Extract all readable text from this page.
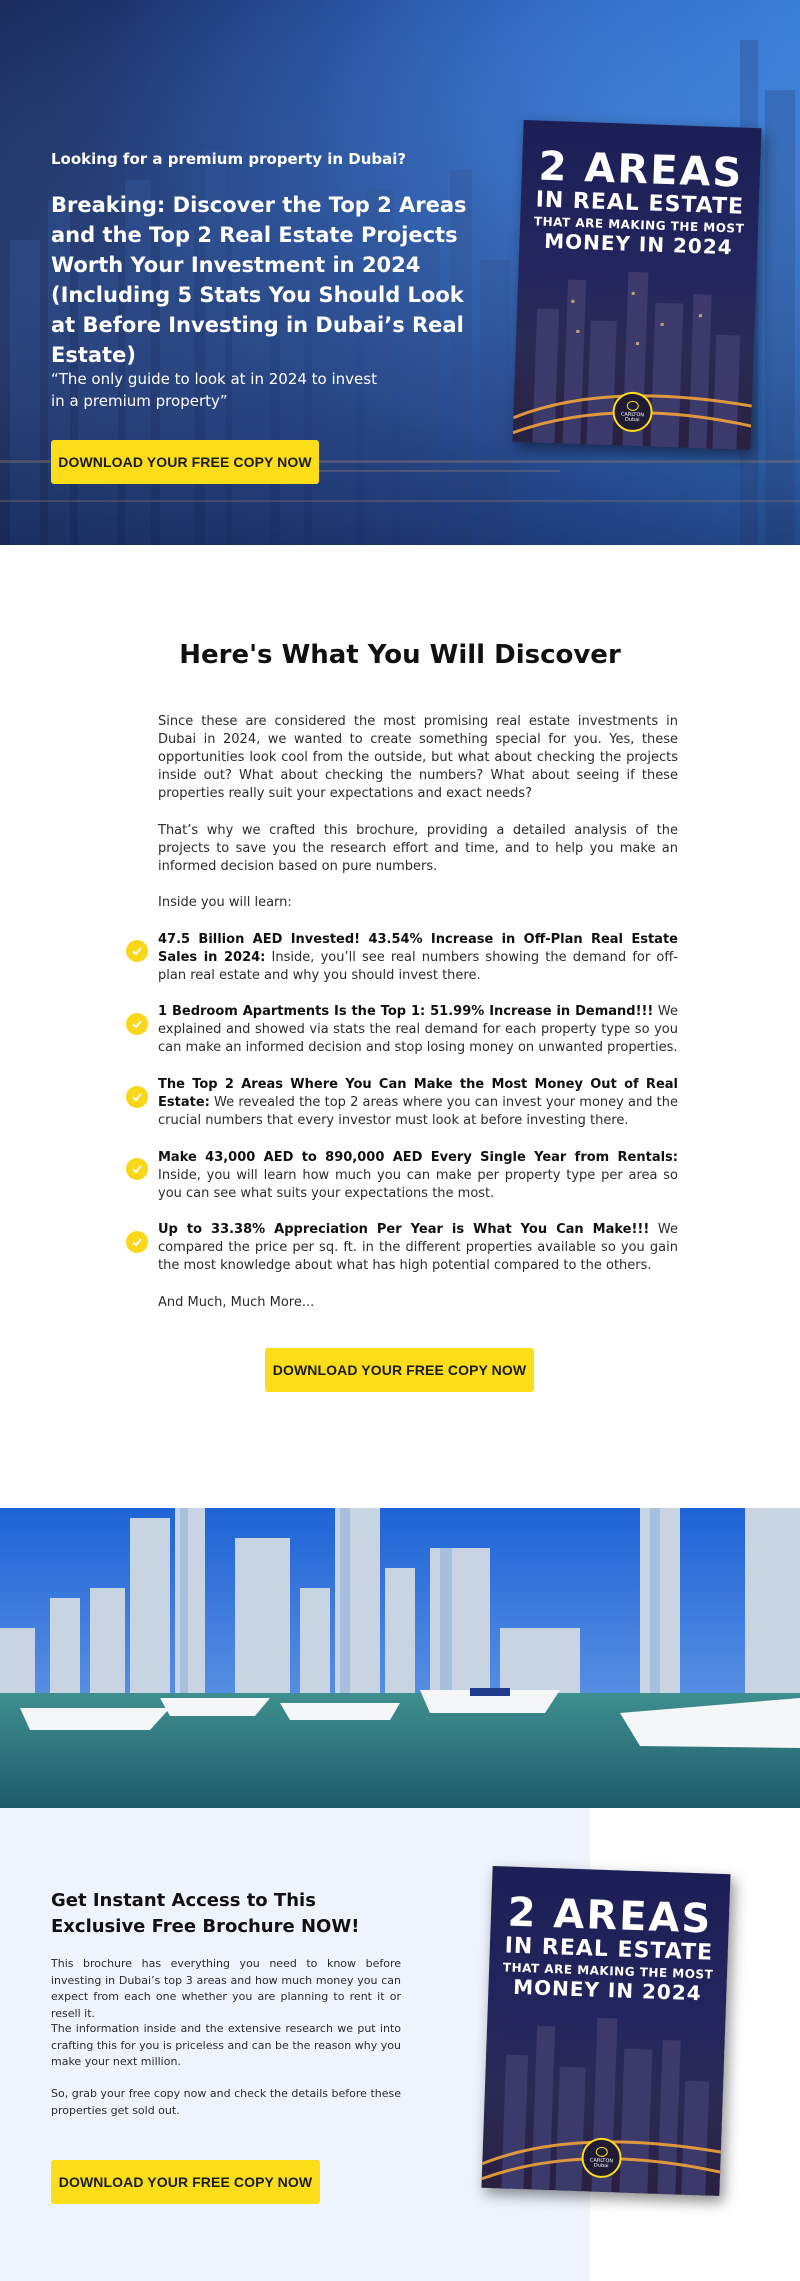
Looking for a premium property in Dubai?
Breaking: Discover the Top 2 Areas and the Top 2 Real Estate Projects Worth Your Investment in 2024 (Including 5 Stats You Should Look at Before Investing in Dubai’s Real Estate)
“The only guide to look at in 2024 to invest
in a premium property”
DOWNLOAD YOUR FREE COPY NOW
2 AREAS
IN REAL ESTATE
THAT ARE MAKING THE MOST
MONEY IN 2024
CARLTON
Dubai
Here's What You Will Discover

Since these are considered the most promising real estate investments in Dubai in 2024, we wanted to create something special for you. Yes, these opportunities look cool from the outside, but what about checking the projects inside out? What about checking the numbers? What about seeing if these properties really suit your expectations and exact needs?

That’s why we crafted this brochure, providing a detailed analysis of the projects to save you the research effort and time, and to help you make an informed decision based on pure numbers.

Inside you will learn:

47.5 Billion AED Invested! 43.54% Increase in Off-Plan Real Estate Sales in 2024: Inside, you’ll see real numbers showing the demand for off-plan real estate and why you should invest there.

1 Bedroom Apartments Is the Top 1: 51.99% Increase in Demand!!! We explained and showed via stats the real demand for each property type so you can make an informed decision and stop losing money on unwanted properties.

The Top 2 Areas Where You Can Make the Most Money Out of Real Estate: We revealed the top 2 areas where you can invest your money and the crucial numbers that every investor must look at before investing there.

Make 43,000 AED to 890,000 AED Every Single Year from Rentals: Inside, you will learn how much you can make per property type per area so you can see what suits your expectations the most.

Up to 33.38% Appreciation Per Year is What You Can Make!!! We compared the price per sq. ft. in the different properties available so you gain the most knowledge about what has high potential compared to the others.

And Much, Much More...

DOWNLOAD YOUR FREE COPY NOW
Get Instant Access to This Exclusive Free Brochure NOW!

This brochure has everything you need to know before investing in Dubai’s top 3 areas and how much money you can expect from each one whether you are planning to rent it or resell it.

The information inside and the extensive research we put into crafting this for you is priceless and can be the reason why you make your next million.

So, grab your free copy now and check the details before these properties get sold out.

DOWNLOAD YOUR FREE COPY NOW
2 AREAS
IN REAL ESTATE
THAT ARE MAKING THE MOST
MONEY IN 2024
CARLTON
Dubai
